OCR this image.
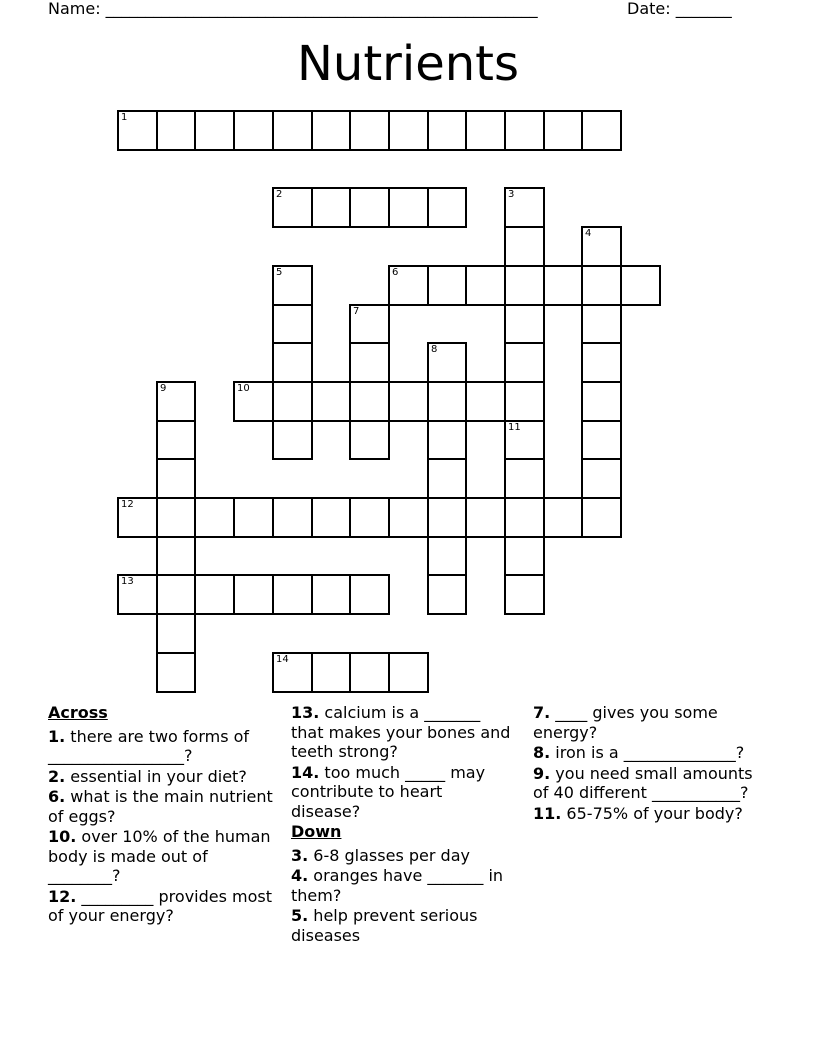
Name: ______________________________________________________	Date: _______
Nutrients
1
2	3
11
4
5	6
7
8
9	10
12
13
14
Across
1. there are two forms of _________________?
2. essential in your diet?
6. what is the main nutrient of eggs?
10. over 10% of the human body is made out of ________?
12. _________ provides most of your energy?
13. calcium is a _______ that makes your bones and teeth strong?
14. too much _____ may contribute to heart disease?
Down
3. 6-8 glasses per day
4. oranges have _______ in them?
5. help prevent serious diseases
7. ____ gives you some energy?
8. iron is a ______________?
9. you need small amounts of 40 different ___________?
11. 65-75% of your body?
